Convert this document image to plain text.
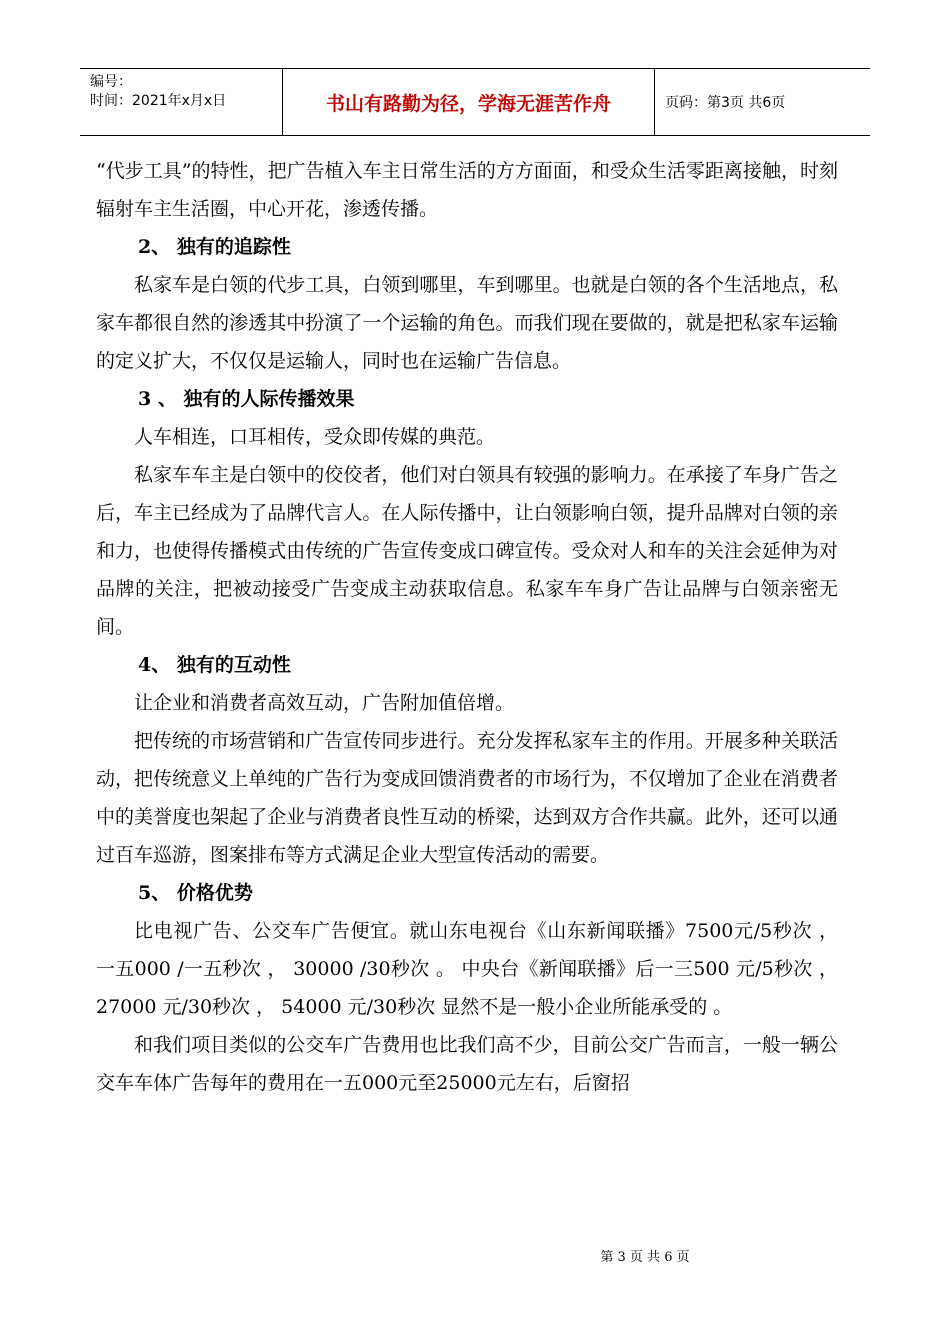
编号：
时间：2021年x月x日	书山有路勤为径，学海无涯苦作舟	页码：第3页 共6页

“代步工具”的特性，把广告植入车主日常生活的方方面面，和受众生活零距离接触，时刻辐射车主生活圈，中心开花，渗透传播。

2、 独有的追踪性

私家车是白领的代步工具，白领到哪里，车到哪里。也就是白领的各个生活地点，私家车都很自然的渗透其中扮演了一个运输的角色。而我们现在要做的，就是把私家车运输的定义扩大，不仅仅是运输人，同时也在运输广告信息。

3 、 独有的人际传播效果

人车相连，口耳相传，受众即传媒的典范。

私家车车主是白领中的佼佼者，他们对白领具有较强的影响力。在承接了车身广告之后，车主已经成为了品牌代言人。在人际传播中，让白领影响白领，提升品牌对白领的亲和力，也使得传播模式由传统的广告宣传变成口碑宣传。受众对人和车的关注会延伸为对品牌的关注，把被动接受广告变成主动获取信息。私家车车身广告让品牌与白领亲密无间。

4、 独有的互动性

让企业和消费者高效互动，广告附加值倍增。

把传统的市场营销和广告宣传同步进行。充分发挥私家车主的作用。开展多种关联活动，把传统意义上单纯的广告行为变成回馈消费者的市场行为，不仅增加了企业在消费者中的美誉度也架起了企业与消费者良性互动的桥梁，达到双方合作共赢。此外，还可以通过百车巡游，图案排布等方式满足企业大型宣传活动的需要。

5、 价格优势

比电视广告、公交车广告便宜。就山东电视台《山东新闻联播》7500元/5秒次 ， 一五000 /一五秒次 ， 30000 /30秒次 。 中央台《新闻联播》后一三500 元/5秒次 ， 27000 元/30秒次 ， 54000 元/30秒次 显然不是一般小企业所能承受的 。

和我们项目类似的公交车广告费用也比我们高不少，目前公交广告而言，一般一辆公交车车体广告每年的费用在一五000元至25000元左右，后窗招

第 3 页 共 6 页
